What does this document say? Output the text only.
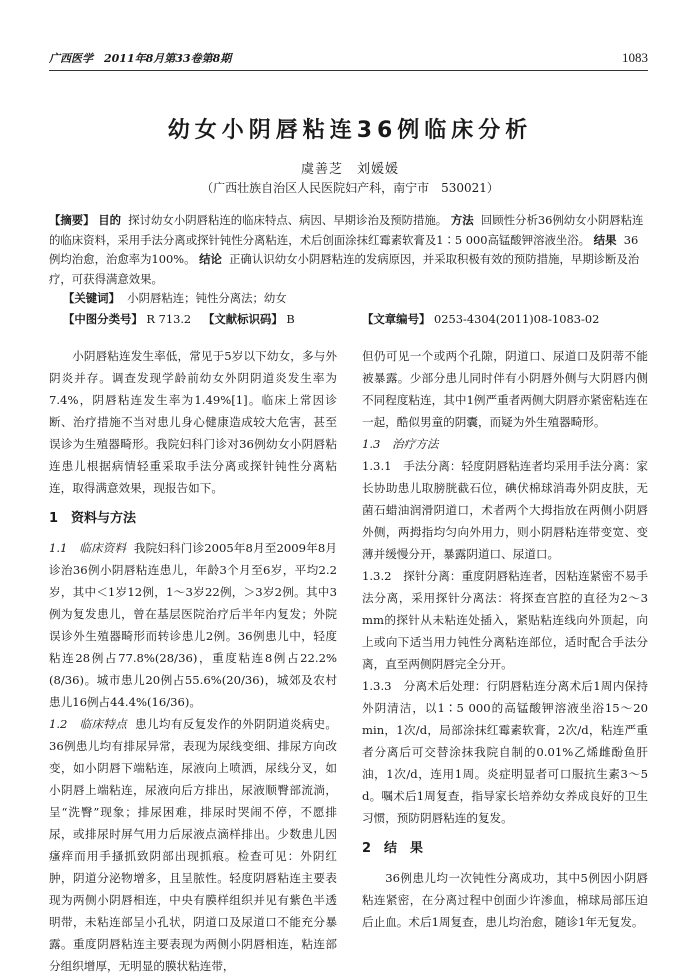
广西医学　2011年8月第33卷第8期	1083
幼女小阴唇粘连36例临床分析
虞善芝　刘媛媛
（广西壮族自治区人民医院妇产科，南宁市　530021）
【摘要】 目的 探讨幼女小阴唇粘连的临床特点、病因、早期诊治及预防措施。 方法 回顾性分析36例幼女小阴唇粘连的临床资料，采用手法分离或探针钝性分离粘连，术后创面涂抹红霉素软膏及1∶5 000高锰酸钾溶液坐浴。 结果 36例均治愈，治愈率为100%。 结论 正确认识幼女小阴唇粘连的发病原因，并采取积极有效的预防措施，早期诊断及治疗，可获得满意效果。
【关键词】 小阴唇粘连；钝性分离法；幼女
【中图分类号】 R 713.2 【文献标识码】 B	【文章编号】 0253-4304(2011)08-1083-02

小阴唇粘连发生率低，常见于5岁以下幼女，多与外阴炎并存。调查发现学龄前幼女外阴阴道炎发生率为7.4%，阴唇粘连发生率为1.49%[1]。临床上常因诊断、治疗措施不当对患儿身心健康造成较大危害，甚至误诊为生殖器畸形。我院妇科门诊对36例幼女小阴唇粘连患儿根据病情轻重采取手法分离或探针钝性分离粘连，取得满意效果，现报告如下。

1　资料与方法

1.1　临床资料 我院妇科门诊2005年8月至2009年8月诊治36例小阴唇粘连患儿，年龄3个月至6岁，平均2.2岁，其中＜1岁12例，1～3岁22例，＞3岁2例。其中3例为复发患儿，曾在基层医院治疗后半年内复发；外院误诊外生殖器畸形而转诊患儿2例。36例患儿中，轻度粘连28例占77.8%(28/36)，重度粘连8例占22.2%(8/36)。城市患儿20例占55.6%(20/36)，城郊及农村患儿16例占44.4%(16/36)。

1.2　临床特点 患儿均有反复发作的外阴阴道炎病史。36例患儿均有排尿异常，表现为尿线变细、排尿方向改变，如小阴唇下端粘连，尿液向上喷洒，尿线分叉，如小阴唇上端粘连，尿液向后方排出，尿液顺臀部流淌，呈“洗臀”现象；排尿困难，排尿时哭闹不停，不愿排尿，或排尿时屏气用力后尿液点滴样排出。少数患儿因瘙痒而用手搔抓致阴部出现抓痕。检查可见：外阴红肿，阴道分泌物增多，且呈脓性。轻度阴唇粘连主要表现为两侧小阴唇相连，中央有膜样组织并见有紫色半透明带，未粘连部呈小孔状，阴道口及尿道口不能充分暴露。重度阴唇粘连主要表现为两侧小阴唇相连，粘连部分组织增厚，无明显的膜状粘连带，

但仍可见一个或两个孔隙，阴道口、尿道口及阴蒂不能被暴露。少部分患儿同时伴有小阴唇外侧与大阴唇内侧不同程度粘连，其中1例严重者两侧大阴唇亦紧密粘连在一起，酷似男童的阴囊，而疑为外生殖器畸形。

1.3　治疗方法

1.3.1　手法分离：轻度阴唇粘连者均采用手法分离：家长协助患儿取膀胱截石位，碘伏棉球消毒外阴皮肤，无菌石蜡油润滑阴道口，术者两个大拇指放在两侧小阴唇外侧，两拇指均匀向外用力，则小阴唇粘连带变宽、变薄并缓慢分开，暴露阴道口、尿道口。

1.3.2　探针分离：重度阴唇粘连者，因粘连紧密不易手法分离，采用探针分离法：将探查宫腔的直径为2～3 mm的探针从未粘连处插入，紧贴粘连线向外顶起，向上或向下适当用力钝性分离粘连部位，适时配合手法分离，直至两侧阴唇完全分开。

1.3.3　分离术后处理：行阴唇粘连分离术后1周内保持外阴清洁，以1∶5 000的高锰酸钾溶液坐浴15～20 min，1次/d，局部涂抹红霉素软膏，2次/d，粘连严重者分离后可交替涂抹我院自制的0.01%乙烯雌酚鱼肝油，1次/d，连用1周。炎症明显者可口服抗生素3～5 d。嘱术后1周复查，指导家长培养幼女养成良好的卫生习惯，预防阴唇粘连的复发。

2　结　果

36例患儿均一次钝性分离成功，其中5例因小阴唇粘连紧密，在分离过程中创面少许渗血，棉球局部压迫后止血。术后1周复查，患儿均治愈，随诊1年无复发。
